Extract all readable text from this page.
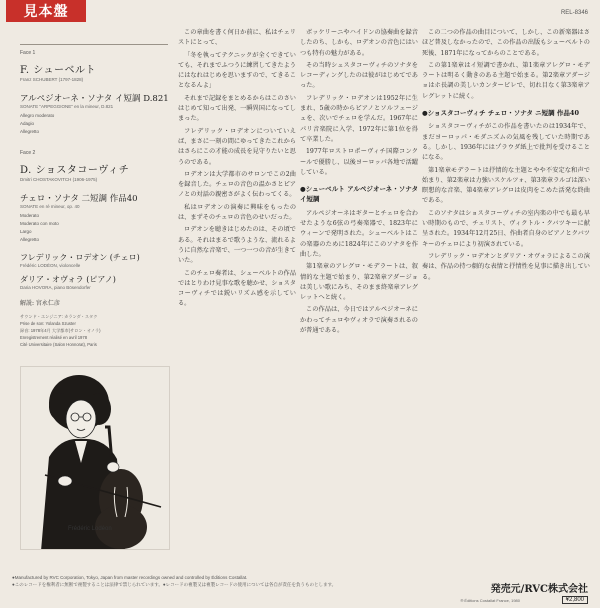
見本盤	REL-8346
Face 1
F. シューベルト
Franz SCHUBERT (1797-1828)
アルペジオーネ・ソナタ イ短調 D.821
SONATE "ARPEGGIONE" en la mineur, D.821
Allegro moderato
Adagio
Allegretto
Face 2
D. ショスタコーヴィチ
Dmitri CHOSTAKOVITCH (1906-1975)
チェロ・ソナタ 二短調 作品40
SONATE en ré mineur, op. 40
Moderato
Moderato con moto
Largo
Allegretto
フレデリック・ロデオン (チェロ)
Frédéric LODÉON, violoncelle
ダリア・オヴォラ (ピアノ)
Daria HOVORA, piano Bösendorfer
解説: 宮永仁彦
サウンド・エンジニア: カランダ・スタク
Prise de son: Yolanda Szuster
録音: 1978年4月 大学都市(サロン・オノラ)
Enregistrement réalisé en avril 1978
Cité Universitaire (Salon Honnorat), Paris
Frédéric Lodéon

この章曲を書く何日か前に、私はチェリストにとって、

「冬を執ってテクニックが全くできていても、それまでふつうに練習してきたようにはなれはじめを思いますので、てきることなるんよ」

それまで記録をまとめるからはこのさいはじめて知って出発、一瞬異国になってしまった。

フレデリック・ロデオンについていえば、まさに一刻の間にゆってきたこれからはさらにこの才能の成長を見守りたいと思うのである。

ロデオンは大学都市のサロンでこの2曲を録音した。チェロの音色の温かさとピアノとの対話の親密さがよく伝わってくる。

私はロデオンの演奏に興味をもったのは、まずそのチェロの音色のせいだった。

ロデオンを聴きはじめたのは、その頃である。それはまるで歌うような、流れるように自然な音楽で、一つ一つの音が生きていた。

このチェロ奏者は、シューベルトの作品ではとりわけ見事な歌を聴かせ、ショスタコーヴィチでは鋭いリズム感を示している。

ボッケリーニやハイドンの協奏曲を録音したのち、しかも、ロデオンの音色にはいつも特有の魅力がある。

その当時シュスタコーヴィチのソナタをレコーディングしたのは彼がはじめてであった。

フレデリック・ロデオンは1952年に生まれ、5歳の時からピアノとソルフェージュを、次いでチェロを学んだ。1967年にパリ音楽院に入学、1972年に第1位を得て卒業した。

1977年ロストロポーヴィチ国際コンクールで優勝し、以後ヨーロッパ各地で活躍している。

●シューベルト アルペジオーネ・ソナタ イ短調

アルペジオーネはギターとチェロを合わせたような6弦の弓奏楽器で、1823年にウィーンで発明された。シューベルトはこの楽器のために1824年にこのソナタを作曲した。

第1楽章のアレグロ・モデラートは、叙情的な主題で始まり、第2楽章アダージョは美しい歌にみち、そのまま終楽章アレグレットへと続く。

この作品は、今日ではアルペジオーネにかわってチェロやヴィオラで演奏されるのが普通である。

この二つの作品の曲目について、しかし、この新楽器はさほど普及しなかったので、この作品の出版もシューベルトの死後、1871年になってからのことである。

この第1楽章はイ短調で書かれ、第1楽章アレグロ・モデラートは明るく動きのある主題で始まる。第2楽章アダージョはホ長調の美しいカンタービレで、切れ目なく第3楽章アレグレットに続く。

●ショスタコーヴィチ チェロ・ソナタ ニ短調 作品40

ショスタコーヴィチがこの作品を書いたのは1934年で、まだヨーロッパ・モダニズムの気風を残していた時期である。しかし、1936年にはプラウダ紙上で批判を受けることになる。

第1楽章モデラートは抒情的な主題とやや不安定な和声で始まり、第2楽章は力強いスケルツォ、第3楽章ラルゴは深い瞑想的な音楽、第4楽章アレグロは皮肉をこめた活発な終曲である。

このソナタはショスタコーヴィチの室内楽の中でも最も早い時期のもので、チェリスト、ヴィクトル・クバツキーに献呈された。1934年12月25日、作曲者自身のピアノとクバツキーのチェロにより初演されている。

フレデリック・ロデオンとダリア・オヴォラによるこの演奏は、作品の持つ劇的な表情と抒情性を見事に描き出している。

●Manufactured by RVC Corporation, Tokyo, Japan from master recordings owned and controlled by Éditions Costallat.
●このレコードを権利者に無断で複製することは法律で禁じられています。●レコードの複製又は複製レコードの使用については各自が責任を負うものとします。	発売元/RVC株式会社
℗ Éditions Costallat France, 1980	¥2,800
